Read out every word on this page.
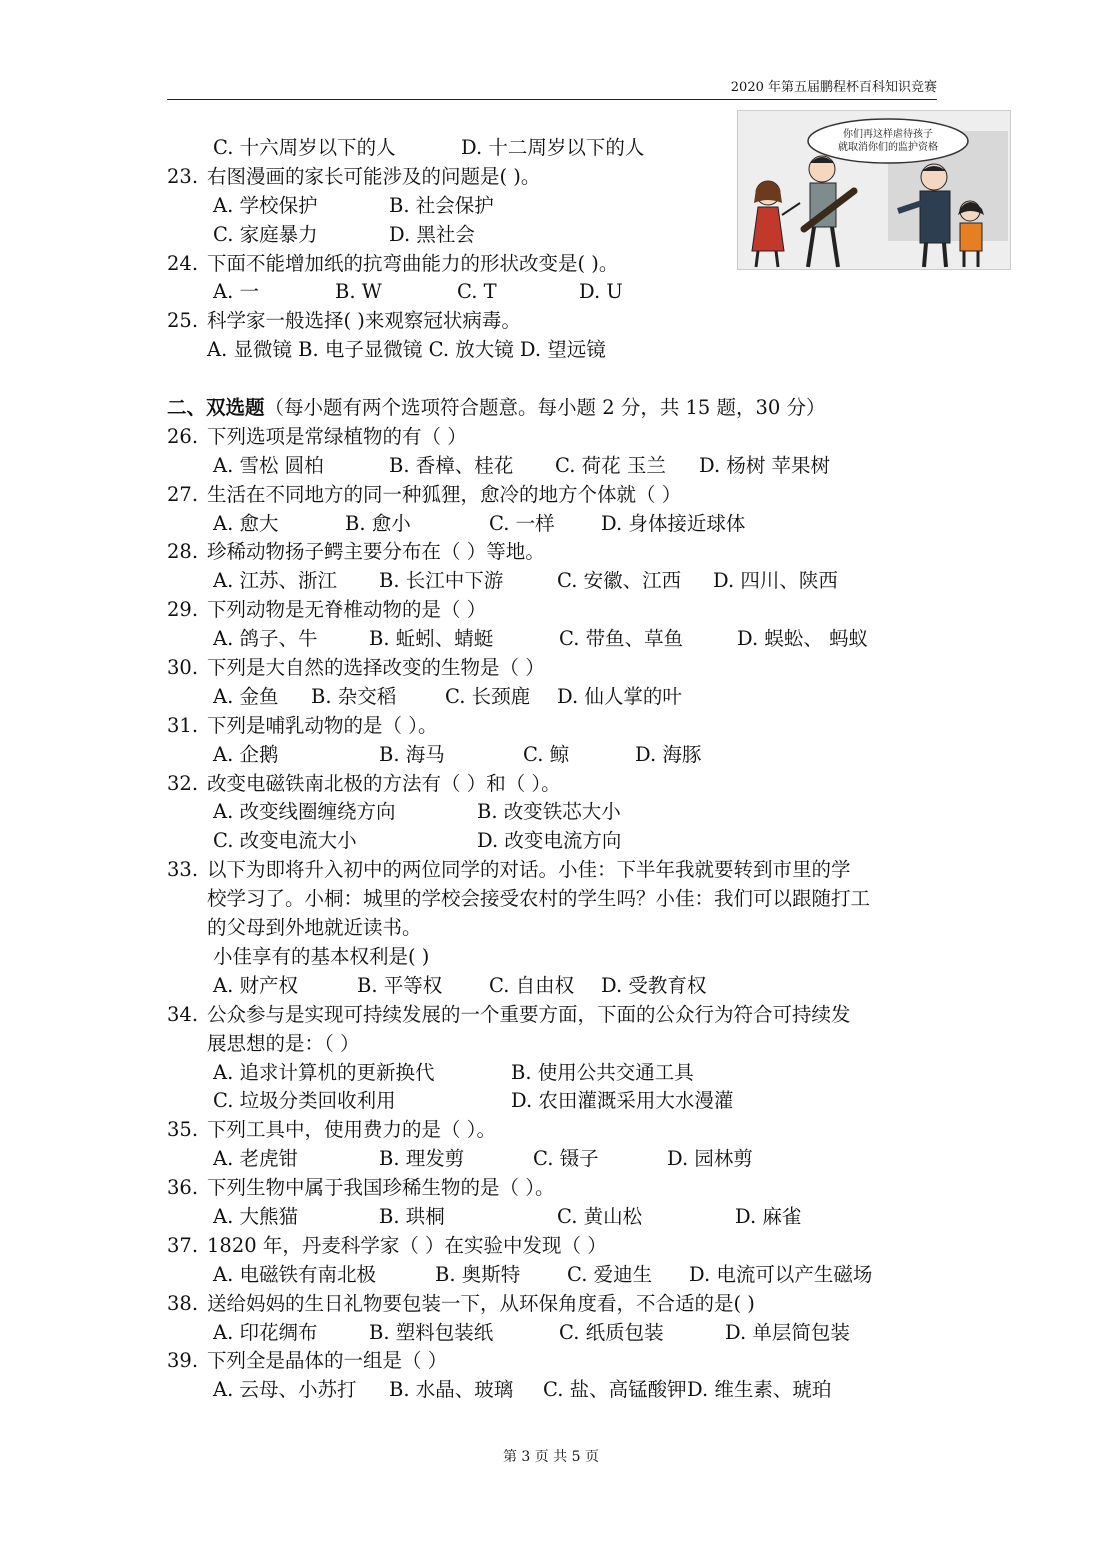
2020 年第五届鹏程杯百科知识竞赛
你们再这样虐待孩子
就取消你们的监护资格
C. 十六周岁以下的人	D. 十二周岁以下的人
23. 右图漫画的家长可能涉及的问题是( )。
A. 学校保护	B. 社会保护
C. 家庭暴力	D. 黑社会
24. 下面不能增加纸的抗弯曲能力的形状改变是( )。
A. 一	B. W	C. T	D. U
25. 科学家一般选择( )来观察冠状病毒。
A. 显微镜 B. 电子显微镜 C. 放大镜 D. 望远镜
二、双选题（每小题有两个选项符合题意。每小题 2 分，共 15 题，30 分）
26. 下列选项是常绿植物的有（ ）
A. 雪松 圆柏	B. 香樟、桂花 C. 荷花 玉兰 D. 杨树 苹果树
27. 生活在不同地方的同一种狐狸，愈冷的地方个体就（ ）
A. 愈大	B. 愈小	C. 一样 D. 身体接近球体
28. 珍稀动物扬子鳄主要分布在（ ）等地。
A. 江苏、浙江 B. 长江中下游	C. 安徽、江西 D. 四川、陕西
29. 下列动物是无脊椎动物的是（ ）
A. 鸽子、牛	B. 蚯蚓、蜻蜓	C. 带鱼、草鱼	D. 蜈蚣、 蚂蚁
30. 下列是大自然的选择改变的生物是（ ）
A. 金鱼 B. 杂交稻	C. 长颈鹿 D. 仙人掌的叶
31. 下列是哺乳动物的是（ ）。
A. 企鹅	B. 海马	C. 鲸	D. 海豚
32. 改变电磁铁南北极的方法有（ ）和（ ）。
A. 改变线圈缠绕方向	B. 改变铁芯大小
C. 改变电流大小	D. 改变电流方向
33. 以下为即将升入初中的两位同学的对话。小佳：下半年我就要转到市里的学
校学习了。小桐：城里的学校会接受农村的学生吗？小佳：我们可以跟随打工
的父母到外地就近读书。
小佳享有的基本权利是( )
A. 财产权	B. 平等权 C. 自由权 D. 受教育权
34. 公众参与是实现可持续发展的一个重要方面，下面的公众行为符合可持续发
展思想的是：（ ）
A. 追求计算机的更新换代	B. 使用公共交通工具
C. 垃圾分类回收利用	D. 农田灌溉采用大水漫灌
35. 下列工具中，使用费力的是（ ）。
A. 老虎钳	B. 理发剪	C. 镊子	D. 园林剪
36. 下列生物中属于我国珍稀生物的是（ ）。
A. 大熊猫	B. 珙桐	C. 黄山松	D. 麻雀
37. 1820 年，丹麦科学家（ ）在实验中发现（ ）
A. 电磁铁有南北极	B. 奥斯特 C. 爱迪生 D. 电流可以产生磁场
38. 送给妈妈的生日礼物要包装一下，从环保角度看，不合适的是( )
A. 印花绸布	B. 塑料包装纸	C. 纸质包装	D. 单层简包装
39. 下列全是晶体的一组是（ ）
A. 云母、小苏打 B. 水晶、玻璃 C. 盐、高锰酸钾D. 维生素、琥珀
第 3 页 共 5 页
